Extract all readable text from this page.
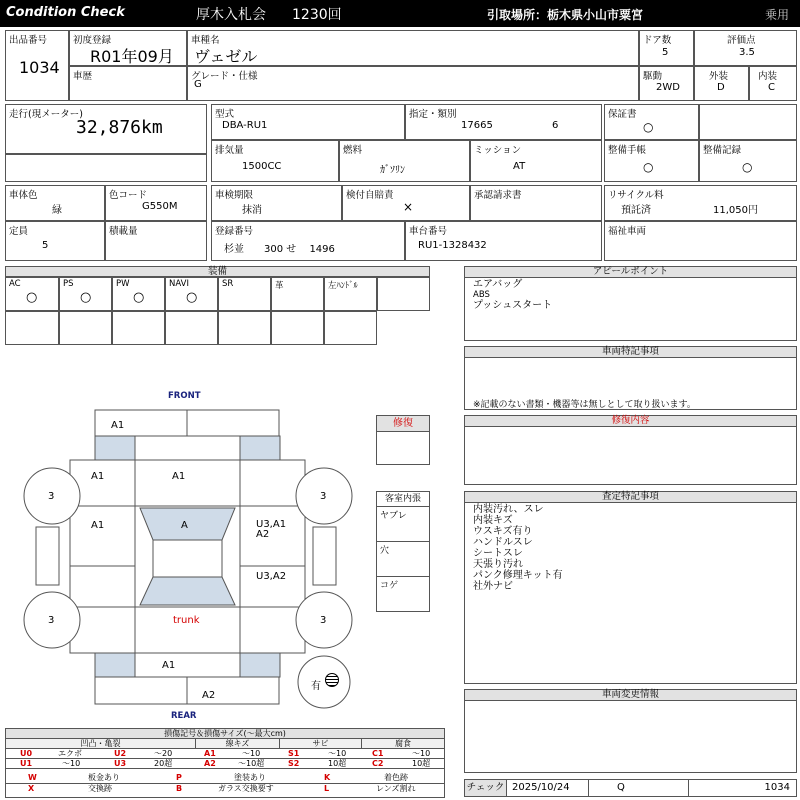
Condition Check	厚木入札会 1230回	引取場所：栃木県小山市粟宮	乗用
出品番号
1034
初度登録
R01年09月
車歴
車種名
ヴェゼル
グレード・仕様
G
ドア数
5
評価点
3.5
駆動
2WD
外装
D
内装
C
走行(現メーター)
32,876km
型式
DBA-RU1
指定・類別
17665	6
保証書
○
排気量
1500CC
燃料
ｶﾞｿﾘﾝ
ミッション
AT
整備手帳
○
整備記録
○
車体色
緑
色コード
G550M
車検期限
抹消
検付自賠責
×
承認請求書	リサイクル料
預託済	11,050円
定員
5
積載量	登録番号
杉並　　300 せ　 1496
車台番号
RU1-1328432
福祉車両
装備
AC
○
PS
○
PW
○
NAVI
○
SR	革	左ﾊﾝﾄﾞﾙ
FRONT
REAR
A1
A1	A1
A1	A	U3,A1
A2
U3,A2
trunk
A1
A2
3	3
3	3
有
修復
客室内張
ヤブレ
穴
コゲ
アピールポイント
エアバッグ
ABS
プッシュスタート
車両特記事項
※記載のない書類・機器等は無しとして取り扱います。
修復内容
査定特記事項
内装汚れ、スレ
内装キズ
ウスキズ有り
ハンドルスレ
シートスレ
天張り汚れ
パンク修理キット有
社外ナビ
車両変更情報
チェック 2025/10/24	Q	1034
損傷記号＆損傷サイズ(〜最大cm)
凹凸・亀裂	線キズ	サビ	腐食
U0	エクボ	U2	〜20	A1	〜10	S1	〜10	C1	〜10
U1	〜10	U3	20超	A2	〜10超	S2	10超	C2	10超
W	板金あり	P	塗装あり	K	着色跡
X	交換跡	B	ガラス交換要す	L	レンズ割れ
